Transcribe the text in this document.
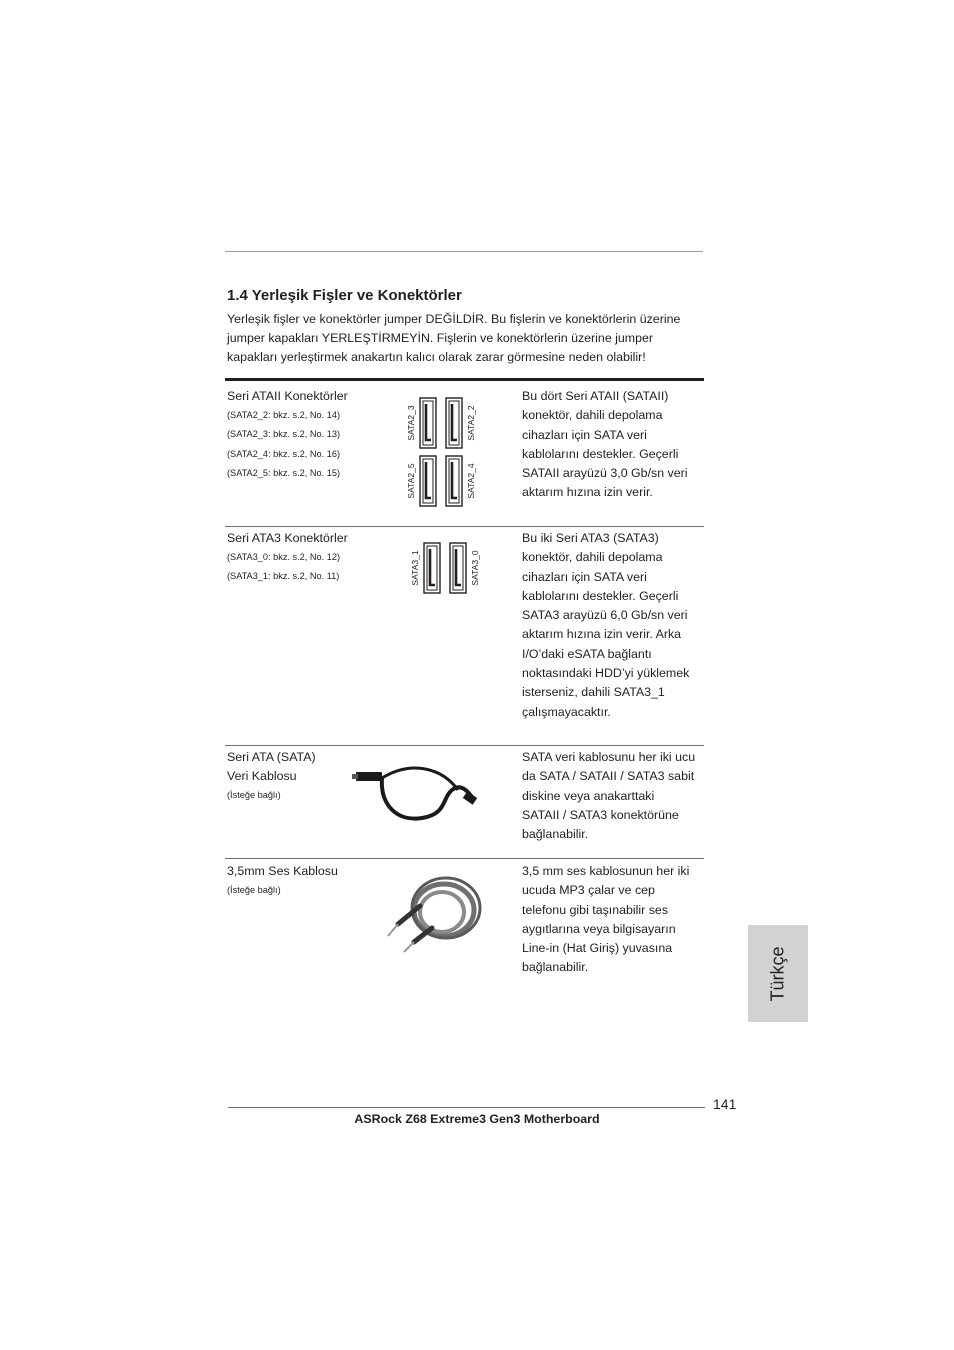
1.4 Yerleşik Fişler ve Konektörler
Yerleşik fişler ve konektörler jumper DEĞİLDİR. Bu fişlerin ve konektörlerin üzerine
jumper kapakları YERLEŞTİRMEYİN. Fişlerin ve konektörlerin üzerine jumper
kapakları yerleştirmek anakartın kalıcı olarak zarar görmesine neden olabilir!
Seri ATAII Konektörler
(SATA2_2: bkz. s.2, No. 14)
(SATA2_3: bkz. s.2, No. 13)
(SATA2_4: bkz. s.2, No. 16)
(SATA2_5: bkz. s.2, No. 15)
SATA2_3	SATA2_2
SATA2_5	SATA2_4
Bu dört Seri ATAII (SATAII)
konektör, dahili depolama
cihazları için SATA veri
kablolarını destekler. Geçerli
SATAII arayüzü 3,0 Gb/sn veri
aktarım hızına izin verir.
Seri ATA3 Konektörler
(SATA3_0: bkz. s.2, No. 12)
(SATA3_1: bkz. s.2, No. 11)	SATA3_1	SATA3_0
Bu iki Seri ATA3 (SATA3)
konektör, dahili depolama
cihazları için SATA veri
kablolarını destekler. Geçerli
SATA3 arayüzü 6,0 Gb/sn veri
aktarım hızına izin verir. Arka
I/O’daki eSATA bağlantı
noktasındaki HDD’yi yüklemek
isterseniz, dahili SATA3_1
çalışmayacaktır.
Seri ATA (SATA)
Veri Kablosu
(İsteğe bağlı)
SATA veri kablosunu her iki ucu
da SATA / SATAII / SATA3 sabit
diskine veya anakarttaki
SATAII / SATA3 konektörüne
bağlanabilir.
3,5mm Ses Kablosu
(İsteğe bağlı)
3,5 mm ses kablosunun her iki
ucuda MP3 çalar ve cep
telefonu gibi taşınabilir ses
aygıtlarına veya bilgisayarın
Line-in (Hat Giriş) yuvasına
bağlanabilir.	Türkçe
141
ASRock Z68 Extreme3 Gen3 Motherboard
